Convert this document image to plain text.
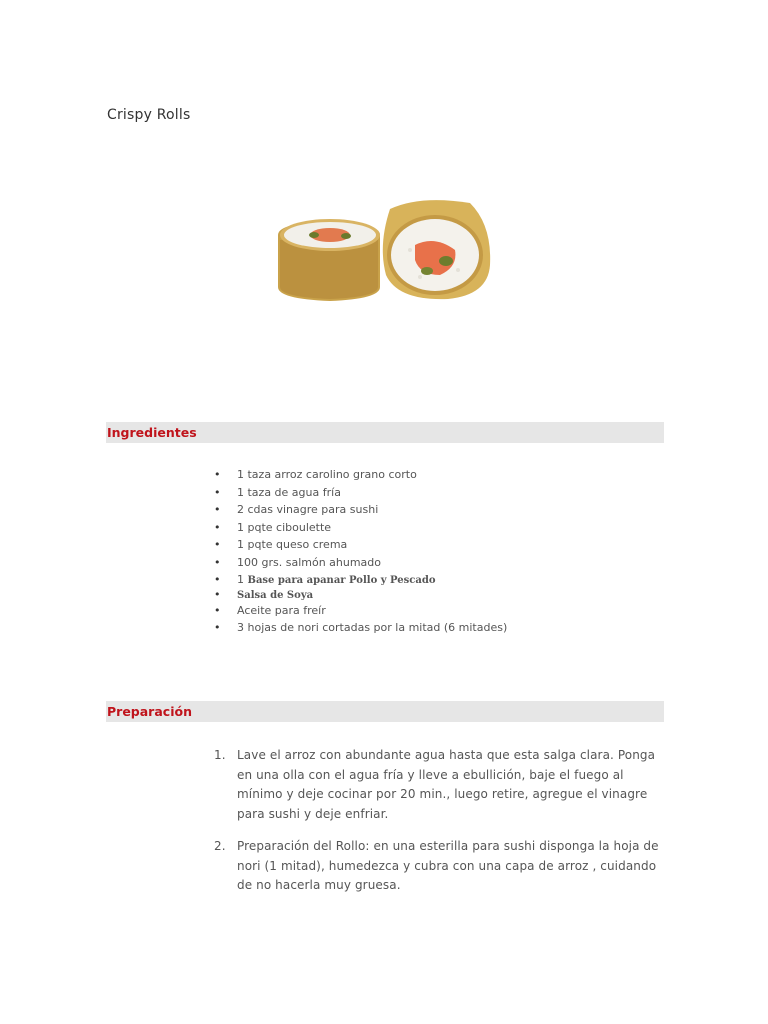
Crispy Rolls
Ingredientes
• 1 taza arroz carolino grano corto
• 1 taza de agua fría
• 2 cdas vinagre para sushi
• 1 pqte ciboulette
• 1 pqte queso crema
• 100 grs. salmón ahumado
• 1 Base para apanar Pollo y Pescado
• Salsa de Soya
• Aceite para freír
• 3 hojas de nori cortadas por la mitad (6 mitades)
Preparación
1. Lave el arroz con abundante agua hasta que esta salga clara. Ponga en una olla con el agua fría y lleve a ebullición, baje el fuego al mínimo y deje cocinar por 20 min., luego retire, agregue el vinagre para sushi y deje enfriar.
2. Preparación del Rollo: en una esterilla para sushi disponga la hoja de nori (1 mitad), humedezca y cubra con una capa de arroz , cuidando de no hacerla muy gruesa.
